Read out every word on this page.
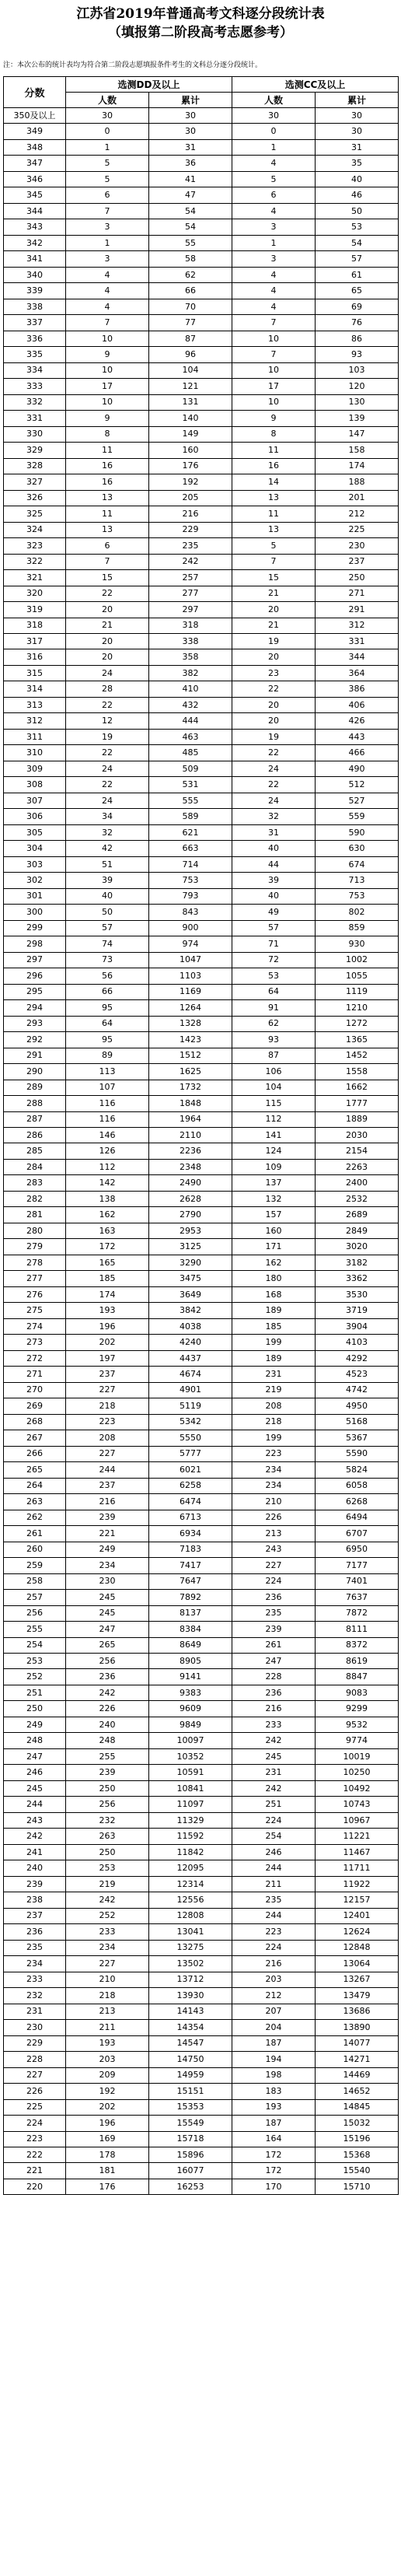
江苏省2019年普通高考文科逐分段统计表
（填报第二阶段高考志愿参考）
注：本次公布的统计表均为符合第二阶段志愿填报条件考生的文科总分逐分段统计。
分数	选测DD及以上		选测CC及以上	
	人数	累计	人数	累计
350及以上	30	30	30	30
349	0	30	0	30
348	1	31	1	31
347	5	36	4	35
346	5	41	5	40
345	6	47	6	46
344	7	54	4	50
343	3	54	3	53
342	1	55	1	54
341	3	58	3	57
340	4	62	4	61
339	4	66	4	65
338	4	70	4	69
337	7	77	7	76
336	10	87	10	86
335	9	96	7	93
334	10	104	10	103
333	17	121	17	120
332	10	131	10	130
331	9	140	9	139
330	8	149	8	147
329	11	160	11	158
328	16	176	16	174
327	16	192	14	188
326	13	205	13	201
325	11	216	11	212
324	13	229	13	225
323	6	235	5	230
322	7	242	7	237
321	15	257	15	250
320	22	277	21	271
319	20	297	20	291
318	21	318	21	312
317	20	338	19	331
316	20	358	20	344
315	24	382	23	364
314	28	410	22	386
313	22	432	20	406
312	12	444	20	426
311	19	463	19	443
310	22	485	22	466
309	24	509	24	490
308	22	531	22	512
307	24	555	24	527
306	34	589	32	559
305	32	621	31	590
304	42	663	40	630
303	51	714	44	674
302	39	753	39	713
301	40	793	40	753
300	50	843	49	802
299	57	900	57	859
298	74	974	71	930
297	73	1047	72	1002
296	56	1103	53	1055
295	66	1169	64	1119
294	95	1264	91	1210
293	64	1328	62	1272
292	95	1423	93	1365
291	89	1512	87	1452
290	113	1625	106	1558
289	107	1732	104	1662
288	116	1848	115	1777
287	116	1964	112	1889
286	146	2110	141	2030
285	126	2236	124	2154
284	112	2348	109	2263
283	142	2490	137	2400
282	138	2628	132	2532
281	162	2790	157	2689
280	163	2953	160	2849
279	172	3125	171	3020
278	165	3290	162	3182
277	185	3475	180	3362
276	174	3649	168	3530
275	193	3842	189	3719
274	196	4038	185	3904
273	202	4240	199	4103
272	197	4437	189	4292
271	237	4674	231	4523
270	227	4901	219	4742
269	218	5119	208	4950
268	223	5342	218	5168
267	208	5550	199	5367
266	227	5777	223	5590
265	244	6021	234	5824
264	237	6258	234	6058
263	216	6474	210	6268
262	239	6713	226	6494
261	221	6934	213	6707
260	249	7183	243	6950
259	234	7417	227	7177
258	230	7647	224	7401
257	245	7892	236	7637
256	245	8137	235	7872
255	247	8384	239	8111
254	265	8649	261	8372
253	256	8905	247	8619
252	236	9141	228	8847
251	242	9383	236	9083
250	226	9609	216	9299
249	240	9849	233	9532
248	248	10097	242	9774
247	255	10352	245	10019
246	239	10591	231	10250
245	250	10841	242	10492
244	256	11097	251	10743
243	232	11329	224	10967
242	263	11592	254	11221
241	250	11842	246	11467
240	253	12095	244	11711
239	219	12314	211	11922
238	242	12556	235	12157
237	252	12808	244	12401
236	233	13041	223	12624
235	234	13275	224	12848
234	227	13502	216	13064
233	210	13712	203	13267
232	218	13930	212	13479
231	213	14143	207	13686
230	211	14354	204	13890
229	193	14547	187	14077
228	203	14750	194	14271
227	209	14959	198	14469
226	192	15151	183	14652
225	202	15353	193	14845
224	196	15549	187	15032
223	169	15718	164	15196
222	178	15896	172	15368
221	181	16077	172	15540
220	176	16253	170	15710
